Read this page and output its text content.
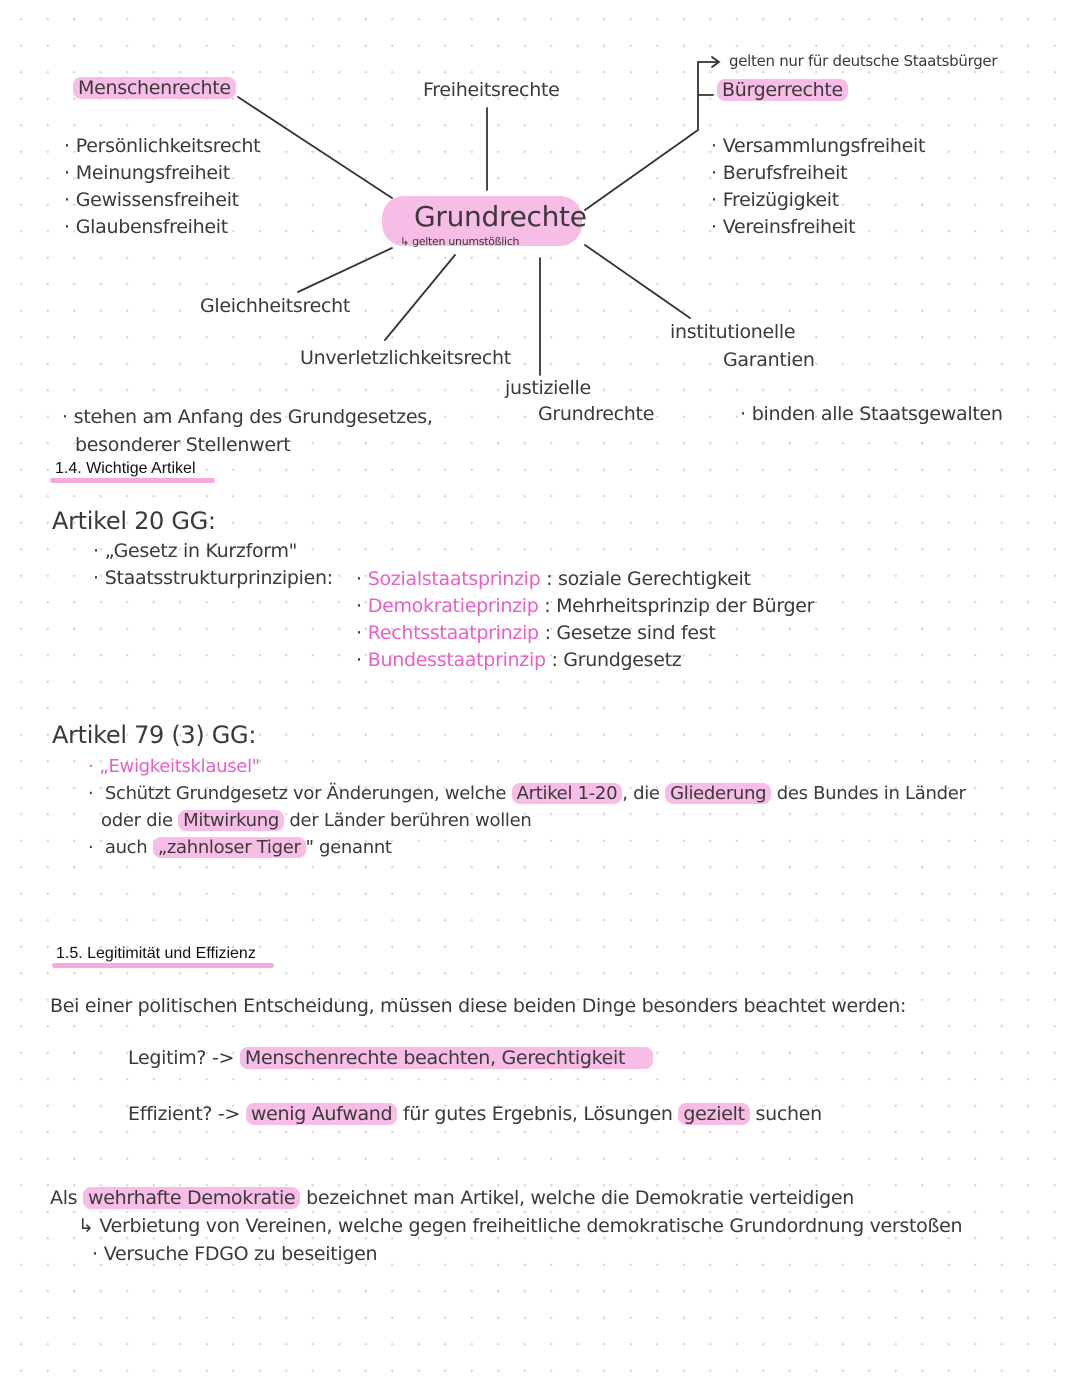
Menschenrechte
· Persönlichkeitsrecht
· Meinungsfreiheit
· Gewissensfreiheit
· Glaubensfreiheit
Freiheitsrechte
gelten nur für deutsche Staatsbürger
Bürgerrechte
· Versammlungsfreiheit
· Berufsfreiheit
· Freizügigkeit
· Vereinsfreiheit
Grundrechte
↳ gelten unumstößlich
Gleichheitsrecht
Unverletzlichkeitsrecht
justizielle
Grundrechte
institutionelle
Garantien
· stehen am Anfang des Grundgesetzes,
besonderer Stellenwert
· binden alle Staatsgewalten
1.4. Wichtige Artikel
Artikel 20 GG:
· „Gesetz in Kurzform"
· Staatsstrukturprinzipien:
·	Sozialstaatsprinzip : soziale Gerechtigkeit
· Demokratieprinzip : Mehrheitsprinzip der Bürger
· Rechtsstaatprinzip : Gesetze sind fest
· Bundesstaatprinzip : Grundgesetz
Artikel 79 (3) GG:
· „Ewigkeitsklausel"
· Schützt Grundgesetz vor Änderungen, welche Artikel 1-20 , die Gliederung des Bundes in Länder
oder die Mitwirkung der Länder berühren wollen
· auch „zahnloser Tiger " genannt
1.5. Legitimität und Effizienz
Bei einer politischen Entscheidung, müssen diese beiden Dinge besonders beachtet werden:
Legitim? -> Menschenrechte beachten, Gerechtigkeit
Effizient? -> wenig Aufwand für gutes Ergebnis, Lösungen gezielt suchen
Als wehrhafte Demokratie bezeichnet man Artikel, welche die Demokratie verteidigen
↳ Verbietung von Vereinen, welche gegen freiheitliche demokratische Grundordnung verstoßen
· Versuche FDGO zu beseitigen
